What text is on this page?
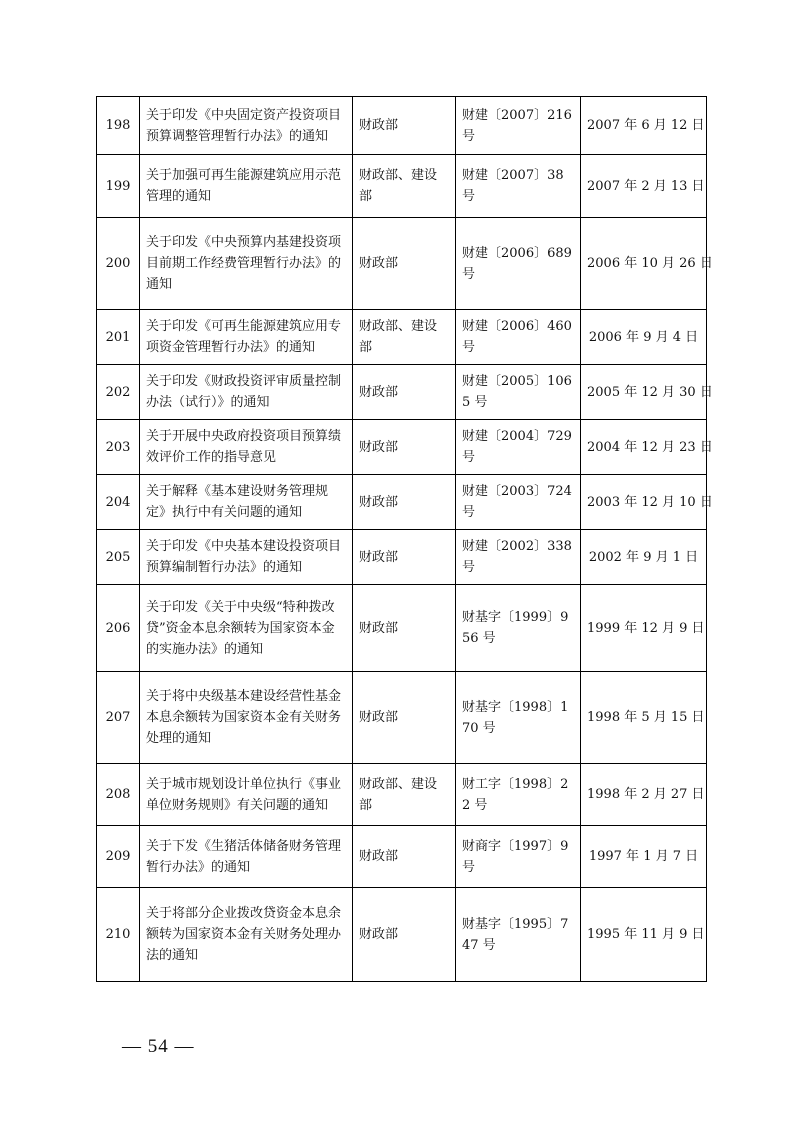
198	关于印发《中央固定资产投资项目预算调整管理暂行办法》的通知	财政部	财建〔2007〕216 号	2007 年 6 月 12 日
199	关于加强可再生能源建筑应用示范管理的通知	财政部、建设部	财建〔2007〕38 号	2007 年 2 月 13 日
200	关于印发《中央预算内基建投资项目前期工作经费管理暂行办法》的通知	财政部	财建〔2006〕689 号	2006 年 10 月 26 日
201	关于印发《可再生能源建筑应用专项资金管理暂行办法》的通知	财政部、建设部	财建〔2006〕460 号	2006 年 9 月 4 日
202	关于印发《财政投资评审质量控制办法（试行）》的通知	财政部	财建〔2005〕1065 号	2005 年 12 月 30 日
203	关于开展中央政府投资项目预算绩效评价工作的指导意见	财政部	财建〔2004〕729 号	2004 年 12 月 23 日
204	关于解释《基本建设财务管理规定》执行中有关问题的通知	财政部	财建〔2003〕724 号	2003 年 12 月 10 日
205	关于印发《中央基本建设投资项目预算编制暂行办法》的通知	财政部	财建〔2002〕338 号	2002 年 9 月 1 日
206	关于印发《关于中央级“特种拨改贷”资金本息余额转为国家资本金的实施办法》的通知	财政部	财基字〔1999〕956 号	1999 年 12 月 9 日
207	关于将中央级基本建设经营性基金本息余额转为国家资本金有关财务处理的通知	财政部	财基字〔1998〕170 号	1998 年 5 月 15 日
208	关于城市规划设计单位执行《事业单位财务规则》有关问题的通知	财政部、建设部	财工字〔1998〕22 号	1998 年 2 月 27 日
209	关于下发《生猪活体储备财务管理暂行办法》的通知	财政部	财商字〔1997〕9 号	1997 年 1 月 7 日
210	关于将部分企业拨改贷资金本息余额转为国家资本金有关财务处理办法的通知	财政部	财基字〔1995〕747 号	1995 年 11 月 9 日
— 54 —
